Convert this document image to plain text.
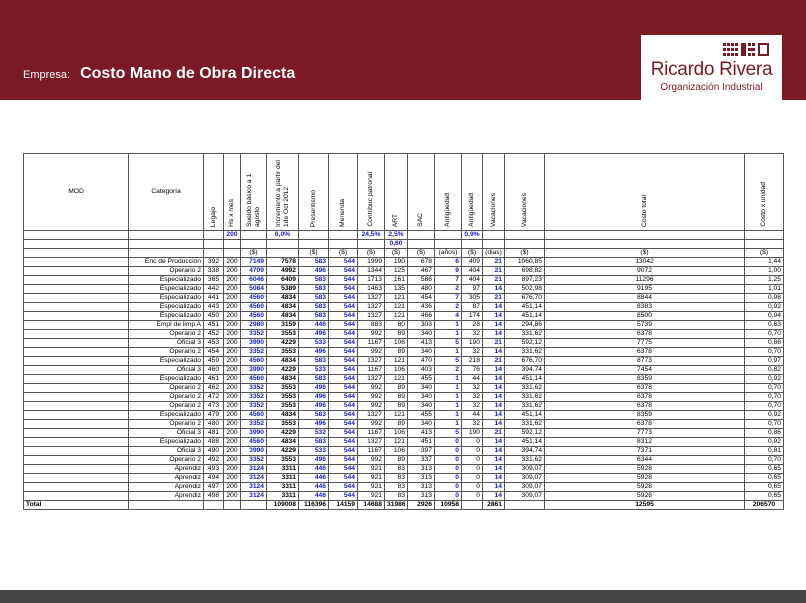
Empresa: Costo Mano de Obra Directa	Ricardo Rivera
Organización Industrial
MOD	Categoría	Legajo	Hs x mes	Sueldo básico a 1 agosto	Incremento a partir del 1de Oct 2012	Presentismo	Merienda	Contribuc patronal	ART	SAC	Antigüedad	Antigüedad	Vacaciones	Vacaciones	Costo total	Costo x unidad	
			200		6,0%			24,5%	2,5%			0,9%					
									0,60								
				($)		($)	($)	($)	($)	($)	(años)	($)	(dias)	($)	($)	($)	
	Enc de Produccion	392	200	7149	7578	583	544	1999	190	678	6	409	21	1060,85	13042	1,44	
	Operario 2	338	200	4709	4992	496	544	1344	125	467	9	404	21	698,82	9072	1,00	
	Especializado	365	200	6046	6409	583	544	1713	161	586	7	404	21	897,23	11296	1,25	
	Especializado	442	200	5084	5389	583	544	1463	135	480	2	97	14	502,98	9195	1,01	
	Especializado	441	200	4560	4834	583	544	1327	121	454	7	305	21	676,70	8844	0,98	
	Especializado	443	200	4560	4834	583	544	1327	121	436	2	87	14	451,14	8383	0,92	
	Especializado	450	200	4560	4834	583	544	1327	121	466	4	174	14	451,14	8500	0,94	
	Empl de limp A	451	200	2980	3159	446	544	883	80	303	1	28	14	294,86	5739	0,63	
	Operario 2	452	200	3352	3553	496	544	992	89	340	1	32	14	331,62	6378	0,70	
	Oficial 3	453	200	3990	4229	533	544	1167	106	413	5	190	21	592,12	7775	0,86	
	Operario 2	454	200	3352	3553	496	544	992	89	340	1	32	14	331,62	6378	0,70	
	Especializado	459	200	4560	4834	583	544	1327	121	470	5	218	21	676,70	8773	0,97	
	Oficial 3	460	200	3990	4229	533	544	1167	106	403	2	76	14	394,74	7454	0,82	
	Especializado	461	200	4560	4834	583	544	1327	121	455	1	44	14	451,14	8359	0,92	
	Operario 2	462	200	3352	3553	496	544	992	89	340	1	32	14	331,62	6378	0,70	
	Operario 2	472	200	3352	3553	496	544	992	89	340	1	32	14	331,62	6378	0,70	
	Operario 2	473	200	3352	3553	496	544	992	89	340	1	32	14	331,62	6378	0,70	
	Especializado	479	200	4560	4834	583	544	1327	121	455	1	44	14	451,14	8359	0,92	
	Operario 2	480	200	3352	3553	496	544	992	89	340	1	32	14	331,62	6378	0,70	
	Oficial 3	481	200	3990	4229	532	544	1167	106	413	5	190	21	592,12	7773	0,86	
	Especializado	488	200	4560	4834	583	544	1327	121	451	0	0	14	451,14	8312	0,92	
	Oficial 3	490	200	3990	4229	533	544	1167	106	397	0	0	14	394,74	7371	0,81	
	Operario 2	492	200	3352	3553	496	544	992	89	337	0	0	14	331,62	6344	0,70	
	Aprendiz	493	200	3124	3311	446	544	921	83	313	0	0	14	309,07	5928	0,65	
	Aprendiz	494	200	3124	3311	446	544	921	83	313	0	0	14	309,07	5928	0,65	
	Aprendiz	497	200	3124	3311	446	544	921	83	313	0	0	14	309,07	5928	0,65	
	Aprendiz	498	200	3124	3311	446	544	921	83	313	0	0	14	309,07	5928	0,65	
Total					109008	116396	14159	14688	31986	2926	10958		2861		12595	206570	
